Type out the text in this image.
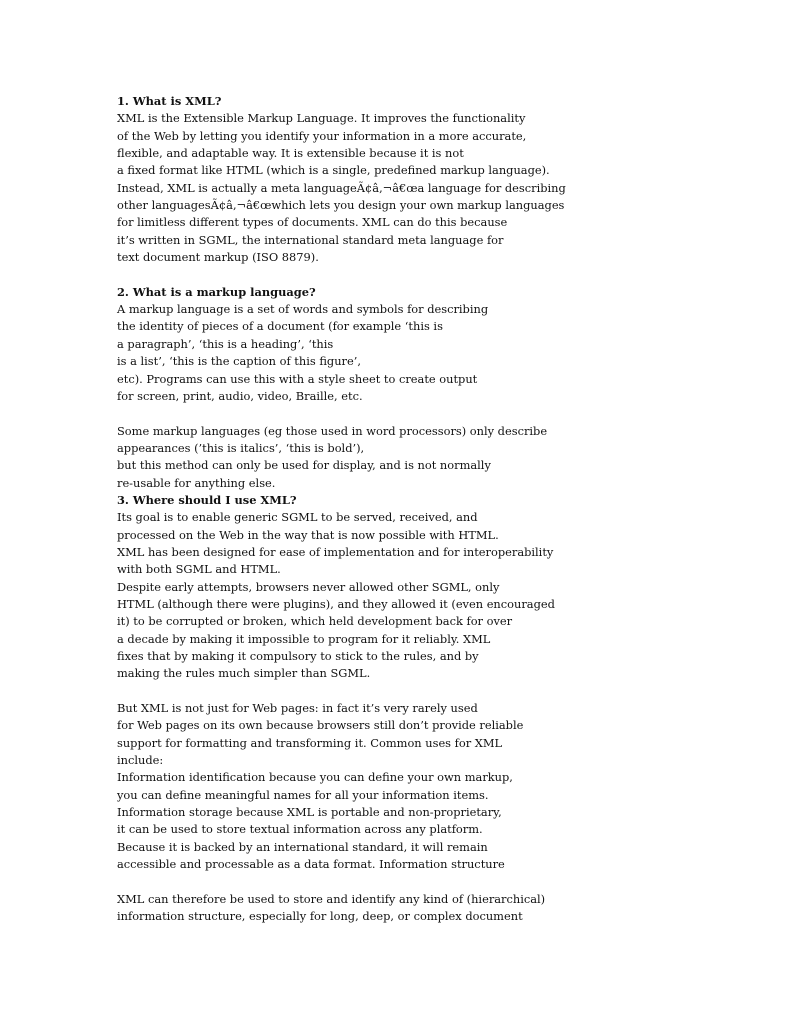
1. What is XML?
XML is the Extensible Markup Language. It improves the functionality
of the Web by letting you identify your information in a more accurate,
flexible, and adaptable way. It is extensible because it is not
a fixed format like HTML (which is a single, predefined markup language).
Instead, XML is actually a meta languageÃ¢â‚¬â€œa language for describing
other languagesÃ¢â‚¬â€œwhich lets you design your own markup languages
for limitless different types of documents. XML can do this because
it’s written in SGML, the international standard meta language for
text document markup (ISO 8879).
2. What is a markup language?
A markup language is a set of words and symbols for describing
the identity of pieces of a document (for example ‘this is
a paragraph’, ‘this is a heading’, ‘this
is a list’, ‘this is the caption of this figure’,
etc). Programs can use this with a style sheet to create output
for screen, print, audio, video, Braille, etc.
Some markup languages (eg those used in word processors) only describe
appearances (’this is italics’, ‘this is bold’),
but this method can only be used for display, and is not normally
re-usable for anything else.
3. Where should I use XML?
Its goal is to enable generic SGML to be served, received, and
processed on the Web in the way that is now possible with HTML.
XML has been designed for ease of implementation and for interoperability
with both SGML and HTML.
Despite early attempts, browsers never allowed other SGML, only
HTML (although there were plugins), and they allowed it (even encouraged
it) to be corrupted or broken, which held development back for over
a decade by making it impossible to program for it reliably. XML
fixes that by making it compulsory to stick to the rules, and by
making the rules much simpler than SGML.
But XML is not just for Web pages: in fact it’s very rarely used
for Web pages on its own because browsers still don’t provide reliable
support for formatting and transforming it. Common uses for XML
include:
Information identification because you can define your own markup,
you can define meaningful names for all your information items.
Information storage because XML is portable and non-proprietary,
it can be used to store textual information across any platform.
Because it is backed by an international standard, it will remain
accessible and processable as a data format. Information structure
XML can therefore be used to store and identify any kind of (hierarchical)
information structure, especially for long, deep, or complex document
